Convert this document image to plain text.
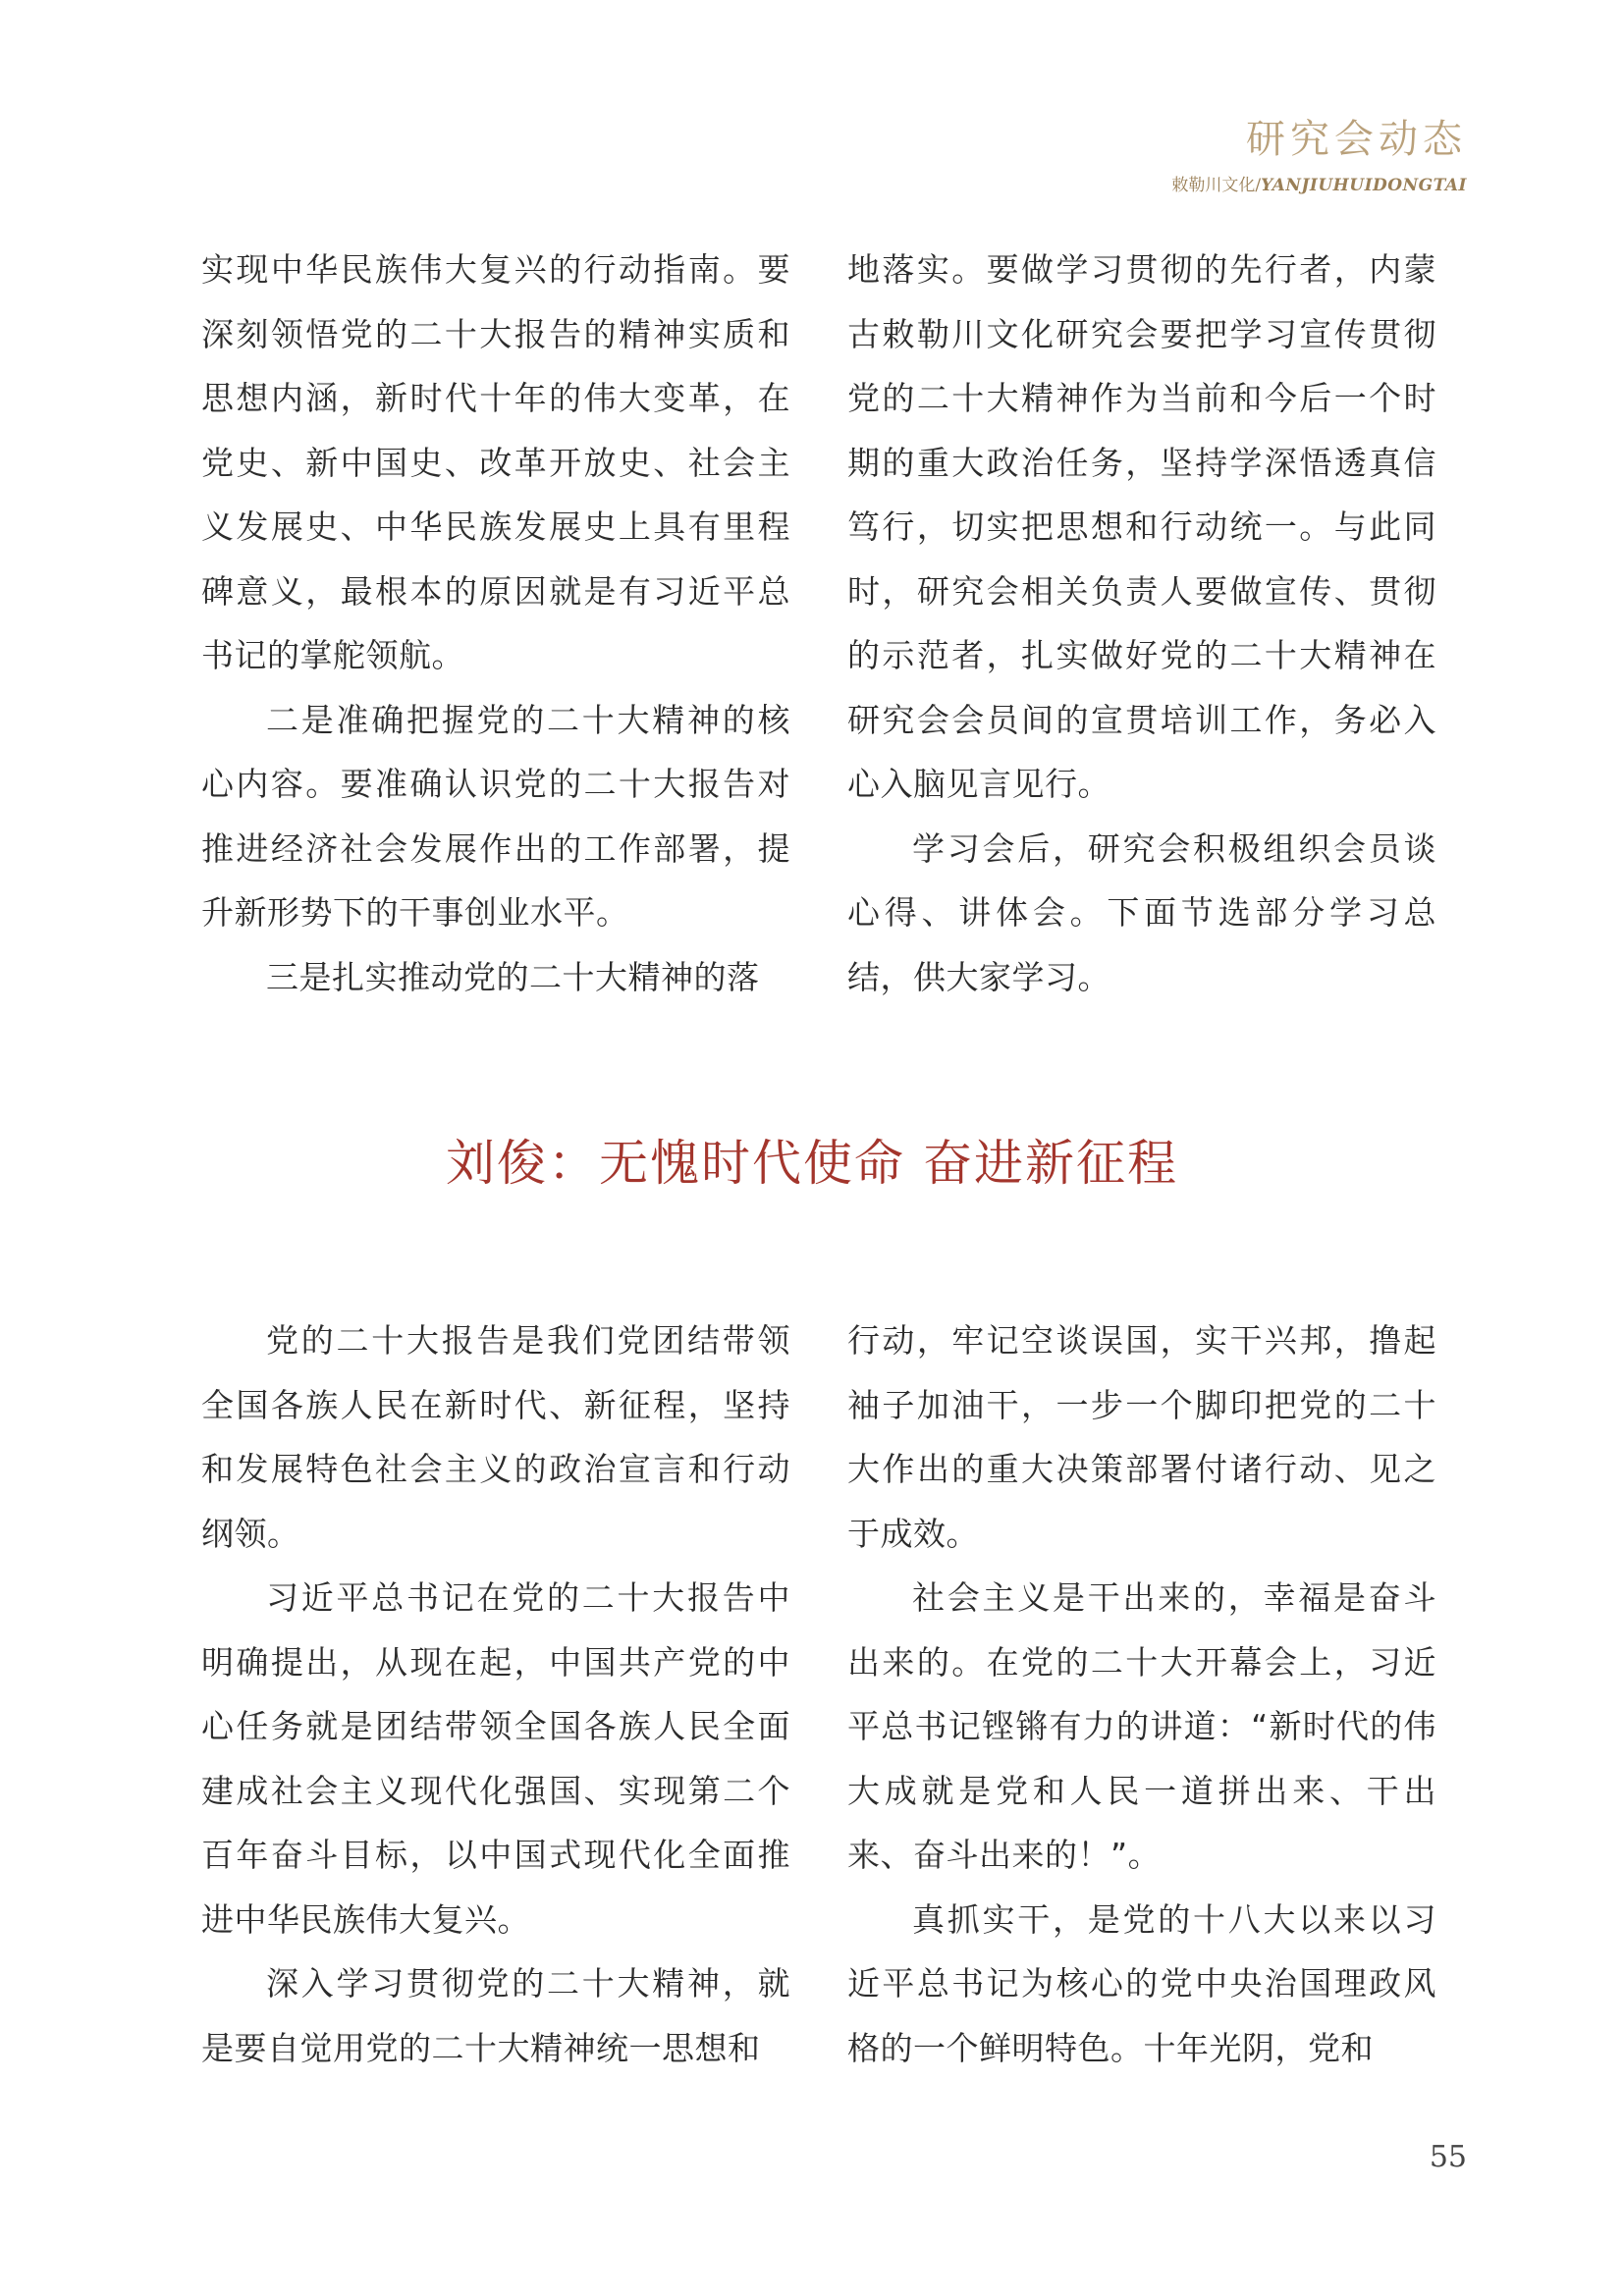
研究会动态
敕勒川文化/YANJIUHUIDONGTAI

实现中华民族伟大复兴的行动指南。要深刻领悟党的二十大报告的精神实质和思想内涵，新时代十年的伟大变革，在党史、新中国史、改革开放史、社会主义发展史、中华民族发展史上具有里程碑意义，最根本的原因就是有习近平总书记的掌舵领航。

二是准确把握党的二十大精神的核心内容。要准确认识党的二十大报告对推进经济社会发展作出的工作部署，提升新形势下的干事创业水平。

三是扎实推动党的二十大精神的落

地落实。要做学习贯彻的先行者，内蒙古敕勒川文化研究会要把学习宣传贯彻党的二十大精神作为当前和今后一个时期的重大政治任务，坚持学深悟透真信笃行，切实把思想和行动统一。与此同时，研究会相关负责人要做宣传、贯彻的示范者，扎实做好党的二十大精神在研究会会员间的宣贯培训工作，务必入心入脑见言见行。

学习会后，研究会积极组织会员谈心得、讲体会。下面节选部分学习总结，供大家学习。

刘俊：无愧时代使命 奋进新征程

党的二十大报告是我们党团结带领全国各族人民在新时代、新征程，坚持和发展特色社会主义的政治宣言和行动纲领。

习近平总书记在党的二十大报告中明确提出，从现在起，中国共产党的中心任务就是团结带领全国各族人民全面建成社会主义现代化强国、实现第二个百年奋斗目标，以中国式现代化全面推进中华民族伟大复兴。

深入学习贯彻党的二十大精神，就是要自觉用党的二十大精神统一思想和

行动，牢记空谈误国，实干兴邦，撸起袖子加油干，一步一个脚印把党的二十大作出的重大决策部署付诸行动、见之于成效。

社会主义是干出来的，幸福是奋斗出来的。在党的二十大开幕会上，习近平总书记铿锵有力的讲道：“新时代的伟大成就是党和人民一道拼出来、干出来、奋斗出来的！”。

真抓实干，是党的十八大以来以习近平总书记为核心的党中央治国理政风格的一个鲜明特色。十年光阴，党和

55
